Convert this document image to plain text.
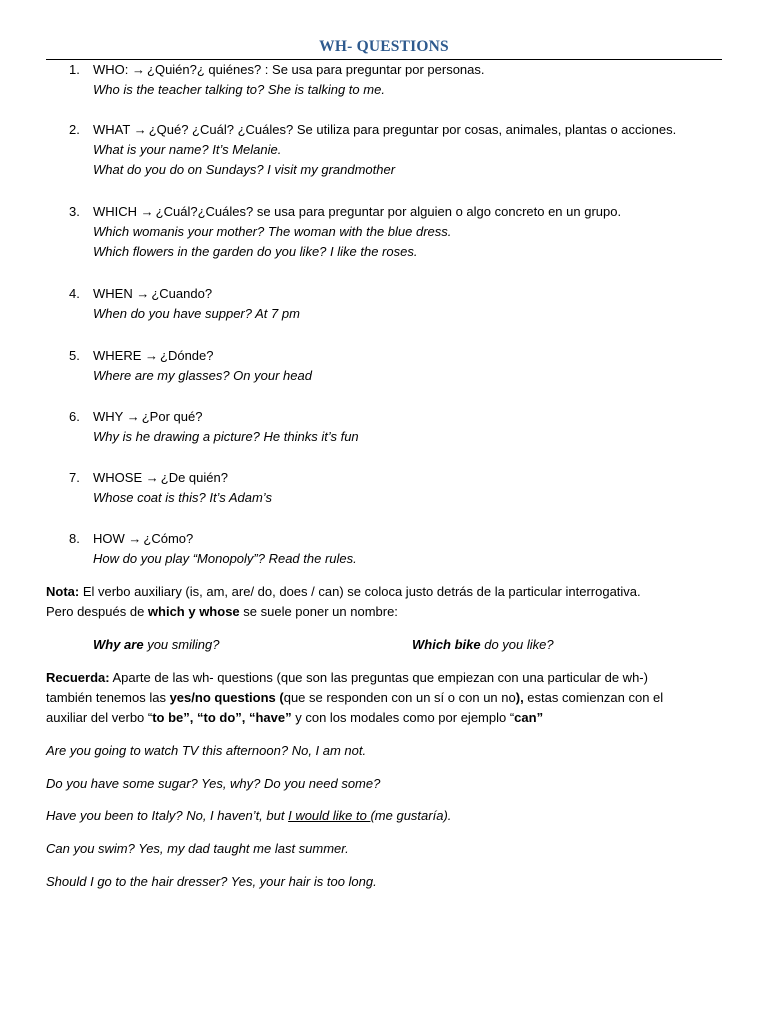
WH- QUESTIONS
1. WHO: → ¿Quién?¿ quiénes? : Se usa para preguntar por personas.
Who is the teacher talking to? She is talking to me.
2. WHAT → ¿Qué? ¿Cuál? ¿Cuáles? Se utiliza para preguntar por cosas, animales, plantas o acciones.
What is your name? It’s Melanie.
What do you do on Sundays? I visit my grandmother
3. WHICH → ¿Cuál?¿Cuáles? se usa para preguntar por alguien o algo concreto en un grupo.
Which womanis your mother? The woman with the blue dress.
Which flowers in the garden do you like? I like the roses.
4. WHEN → ¿Cuando?
When do you have supper? At 7 pm
5. WHERE → ¿Dónde?
Where are my glasses? On your head
6. WHY → ¿Por qué?
Why is he drawing a picture? He thinks it’s fun
7. WHOSE → ¿De quién?
Whose coat is this? It’s Adam’s
8. HOW → ¿Cómo?
How do you play “Monopoly”? Read the rules.
Nota: El verbo auxiliary (is, am, are/ do, does / can) se coloca justo detrás de la particular interrogativa.
Pero después de which y whose se suele poner un nombre:
Why are you smiling?	Which bike do you like?
Recuerda: Aparte de las wh- questions (que son las preguntas que empiezan con una particular de wh-)
también tenemos las yes/no questions (que se responden con un sí o con un no), estas comienzan con el
auxiliar del verbo “to be”, “to do”, “have” y con los modales como por ejemplo “can”
Are you going to watch TV this afternoon? No, I am not.
Do you have some sugar? Yes, why? Do you need some?
Have you been to Italy? No, I haven’t, but I would like to (me gustaría).
Can you swim? Yes, my dad taught me last summer.
Should I go to the hair dresser? Yes, your hair is too long.
